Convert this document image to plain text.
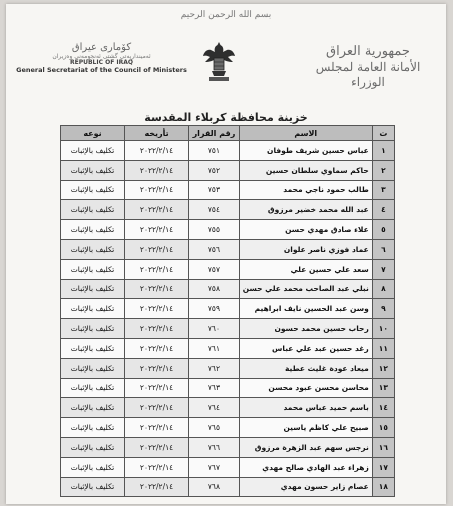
بسم الله الرحمن الرحيم
كۆماری عیراق
ئەمینداریەتی گشتی ئەنجومەنی وەزیران
REPUBLIC OF IRAQ
General Secretariat of the Council of Ministers
جمهورية العراق
الأمانة العامة لمجلس الوزراء
خزينة محافظة كربلاء المقدسة
ت	الاسم	رقم القرار	تأريخه	نوعه
١	عباس حسين شريف طوفان	٧٥١	٢٠٢٢/٢/١٤	تكليف بالإثبات
٢	حاكم سماوي سلطان حسين	٧٥٢	٢٠٢٢/٢/١٤	تكليف بالإثبات
٣	طالب حمود ناجي محمد	٧٥٣	٢٠٢٢/٢/١٤	تكليف بالإثبات
٤	عبد الله محمد خضير مرزوق	٧٥٤	٢٠٢٢/٢/١٤	تكليف بالإثبات
٥	علاء صادق مهدي حسن	٧٥٥	٢٠٢٢/٢/١٤	تكليف بالإثبات
٦	عماد فوزي ناصر علوان	٧٥٦	٢٠٢٢/٢/١٤	تكليف بالإثبات
٧	سعد علي حسين علي	٧٥٧	٢٠٢٢/٢/١٤	تكليف بالإثبات
٨	نبلي عبد الصاحب محمد علي حسن	٧٥٨	٢٠٢٢/٢/١٤	تكليف بالإثبات
٩	وسن عبد الحسين نايف ابراهيم	٧٥٩	٢٠٢٢/٢/١٤	تكليف بالإثبات
١٠	رحاب حسين محمد حسون	٧٦٠	٢٠٢٢/٢/١٤	تكليف بالإثبات
١١	رغد حسين عبد علي عباس	٧٦١	٢٠٢٢/٢/١٤	تكليف بالإثبات
١٢	ميعاد عودة غليث عطية	٧٦٢	٢٠٢٢/٢/١٤	تكليف بالإثبات
١٣	محاسن محسن عبود محسن	٧٦٣	٢٠٢٢/٢/١٤	تكليف بالإثبات
١٤	باسم حميد عباس محمد	٧٦٤	٢٠٢٢/٢/١٤	تكليف بالإثبات
١٥	صبيح علي كاظم ياسين	٧٦٥	٢٠٢٢/٢/١٤	تكليف بالإثبات
١٦	نرجس سهم عبد الزهرة مرزوق	٧٦٦	٢٠٢٢/٢/١٤	تكليف بالإثبات
١٧	زهراء عبد الهادي صالح مهدي	٧٦٧	٢٠٢٢/٢/١٤	تكليف بالإثبات
١٨	عصام زاير حسون مهدي	٧٦٨	٢٠٢٢/٢/١٤	تكليف بالإثبات
